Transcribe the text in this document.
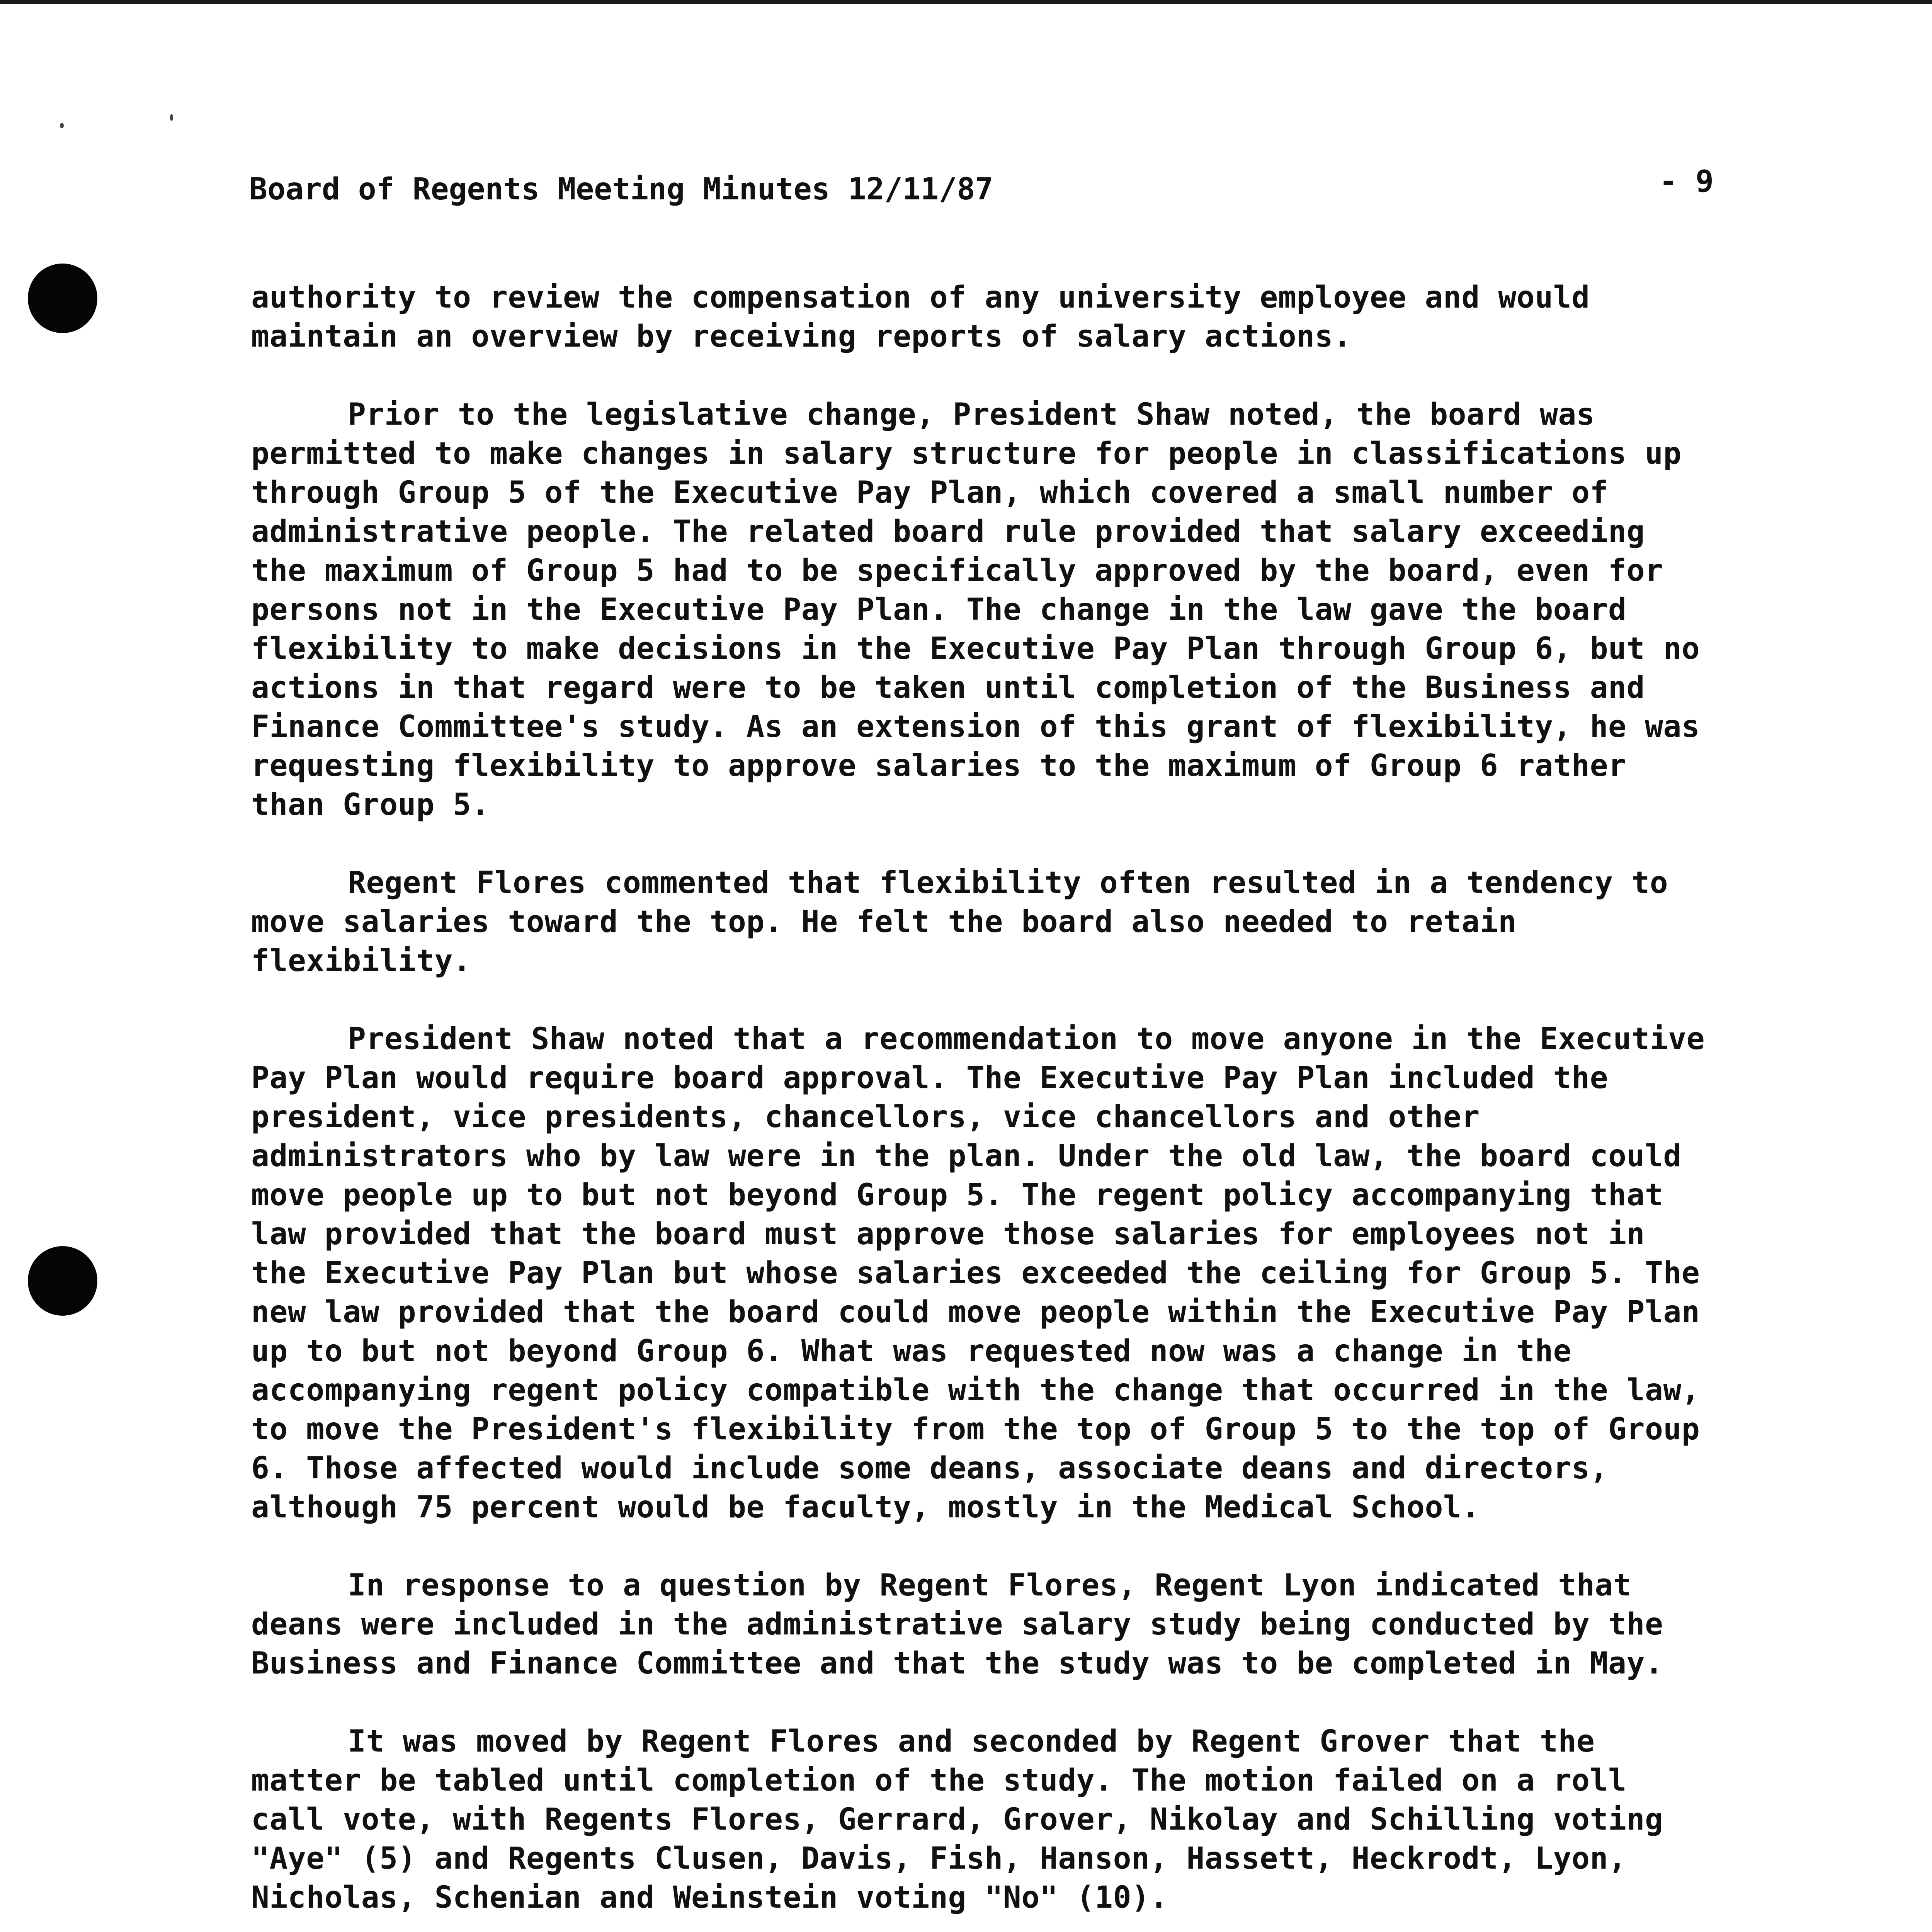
Board of Regents Meeting Minutes 12/11/87	- 9

authority to review the compensation of any university employee and would maintain an overview by receiving reports of salary actions.

Prior to the legislative change, President Shaw noted, the board was permitted to make changes in salary structure for people in classifications up through Group 5 of the Executive Pay Plan, which covered a small number of administrative people. The related board rule provided that salary exceeding the maximum of Group 5 had to be specifically approved by the board, even for persons not in the Executive Pay Plan. The change in the law gave the board flexibility to make decisions in the Executive Pay Plan through Group 6, but no actions in that regard were to be taken until completion of the Business and Finance Committee's study. As an extension of this grant of flexibility, he was requesting flexibility to approve salaries to the maximum of Group 6 rather than Group 5.

Regent Flores commented that flexibility often resulted in a tendency to move salaries toward the top. He felt the board also needed to retain flexibility.

President Shaw noted that a recommendation to move anyone in the Executive Pay Plan would require board approval. The Executive Pay Plan included the president, vice presidents, chancellors, vice chancellors and other administrators who by law were in the plan. Under the old law, the board could move people up to but not beyond Group 5. The regent policy accompanying that law provided that the board must approve those salaries for employees not in the Executive Pay Plan but whose salaries exceeded the ceiling for Group 5. The new law provided that the board could move people within the Executive Pay Plan up to but not beyond Group 6. What was requested now was a change in the accompanying regent policy compatible with the change that occurred in the law, to move the President's flexibility from the top of Group 5 to the top of Group 6. Those affected would include some deans, associate deans and directors, although 75 percent would be faculty, mostly in the Medical School.

In response to a question by Regent Flores, Regent Lyon indicated that deans were included in the administrative salary study being conducted by the Business and Finance Committee and that the study was to be completed in May.

It was moved by Regent Flores and seconded by Regent Grover that the matter be tabled until completion of the study. The motion failed on a roll call vote, with Regents Flores, Gerrard, Grover, Nikolay and Schilling voting "Aye" (5) and Regents Clusen, Davis, Fish, Hanson, Hassett, Heckrodt, Lyon, Nicholas, Schenian and Weinstein voting "No" (10).
